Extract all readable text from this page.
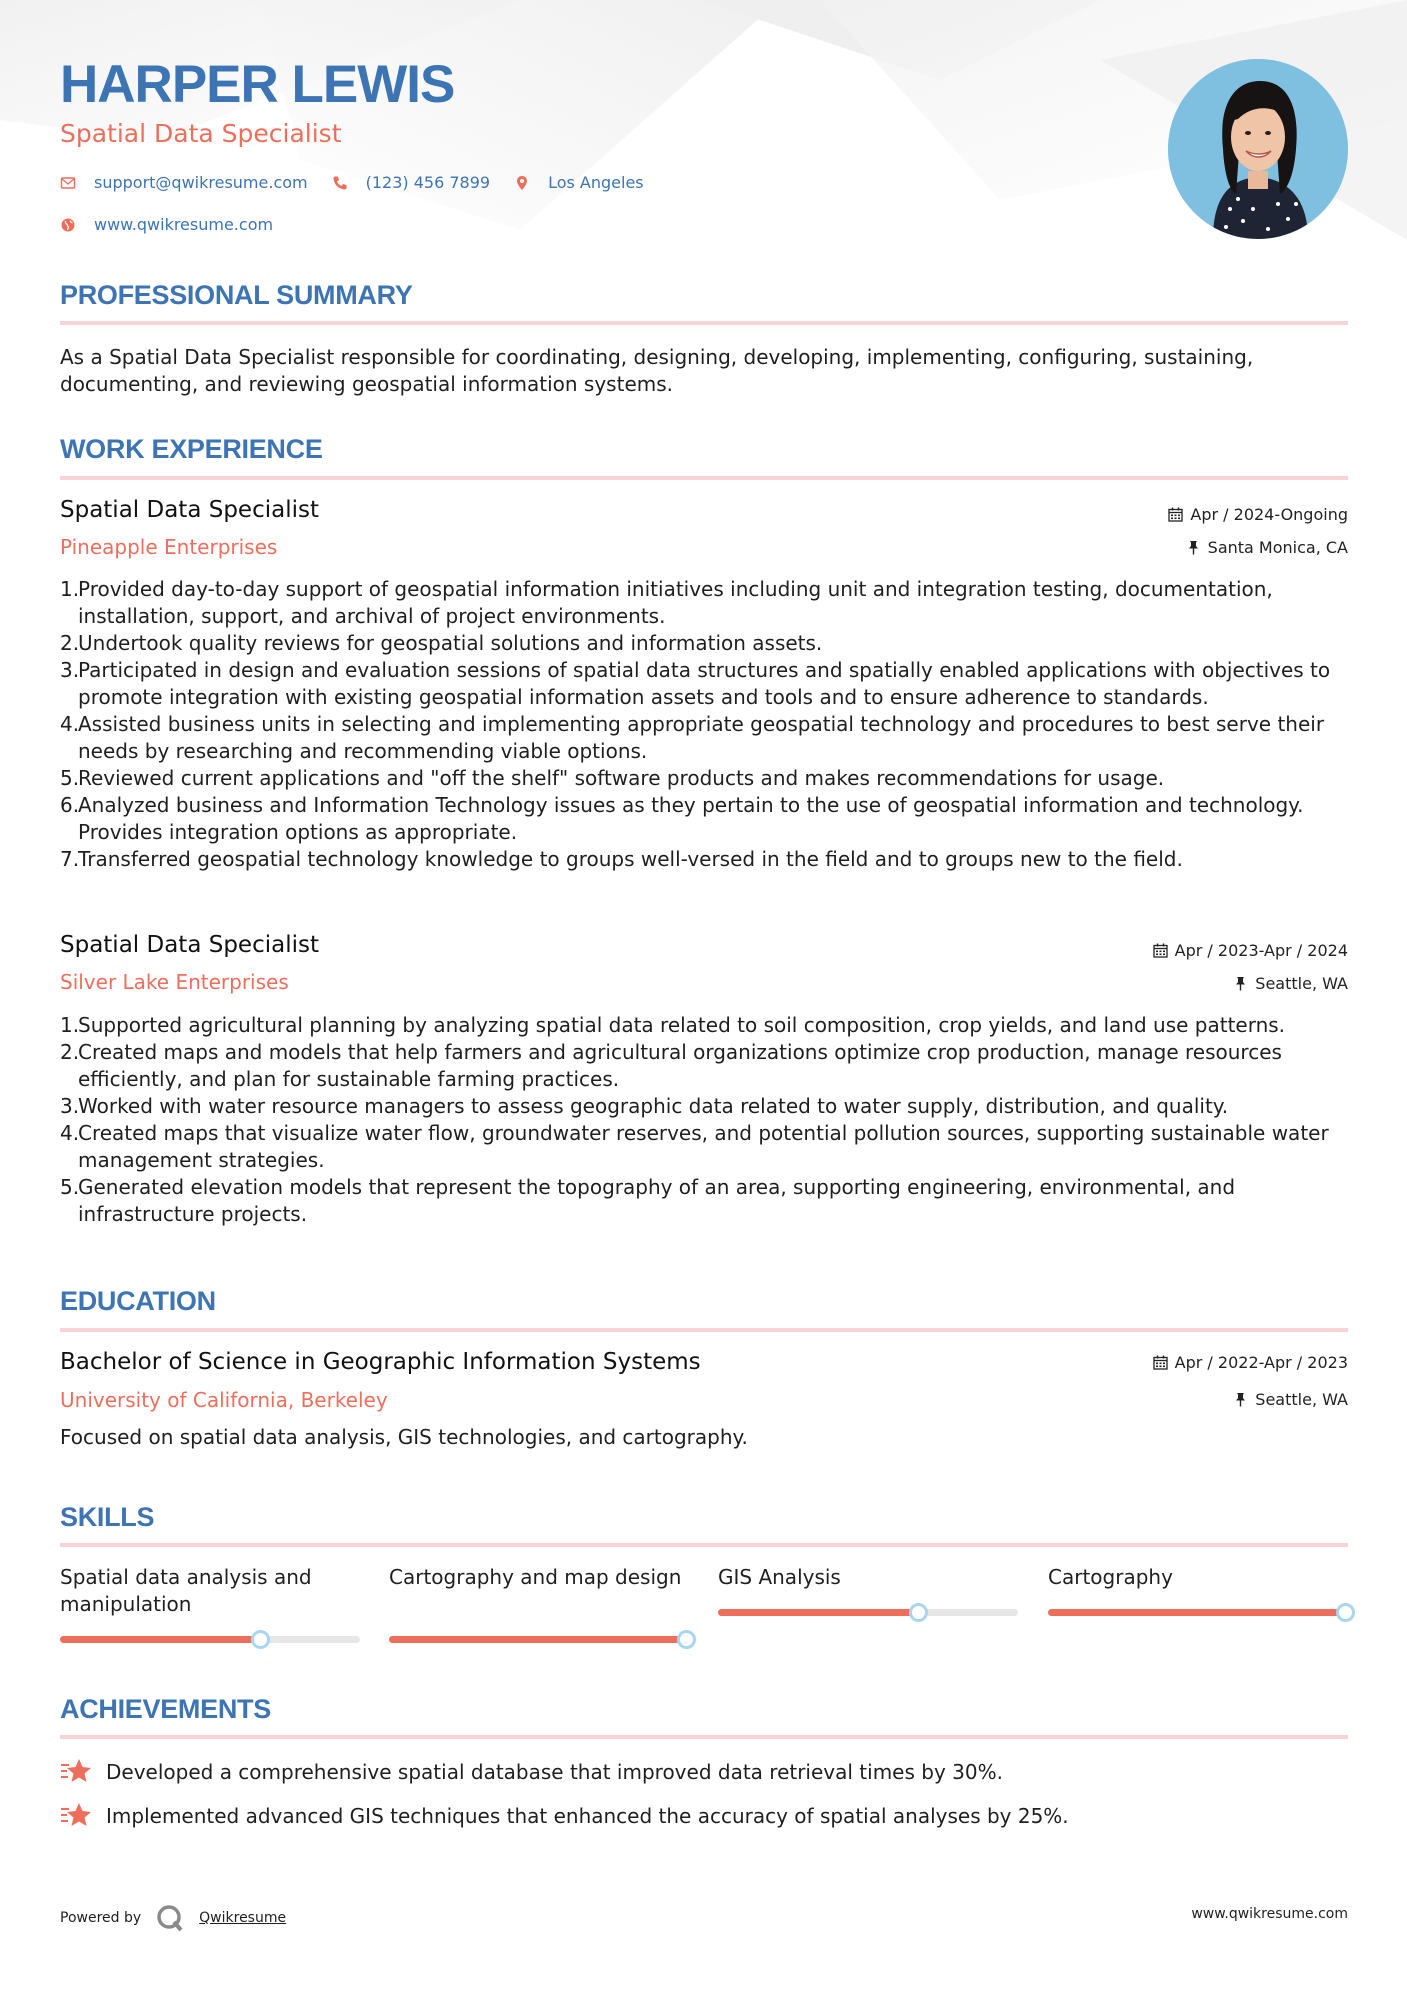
HARPER LEWIS
Spatial Data Specialist
support@qwikresume.com	(123) 456 7899	Los Angeles
www.qwikresume.com
PROFESSIONAL SUMMARY
As a Spatial Data Specialist responsible for coordinating, designing, developing, implementing, configuring, sustaining, documenting, and reviewing geospatial information systems.
WORK EXPERIENCE
Spatial Data Specialist
Pineapple Enterprises
Apr / 2024-Ongoing
Santa Monica, CA
1.
Provided day-to-day support of geospatial information initiatives including unit and integration testing, documentation, installation, support, and archival of project environments.
2.
Undertook quality reviews for geospatial solutions and information assets.
3.
Participated in design and evaluation sessions of spatial data structures and spatially enabled applications with objectives to promote integration with existing geospatial information assets and tools and to ensure adherence to standards.
4.
Assisted business units in selecting and implementing appropriate geospatial technology and procedures to best serve their needs by researching and recommending viable options.
5.
Reviewed current applications and "off the shelf" software products and makes recommendations for usage.
6.
Analyzed business and Information Technology issues as they pertain to the use of geospatial information and technology. Provides integration options as appropriate.
7.
Transferred geospatial technology knowledge to groups well-versed in the field and to groups new to the field.
Spatial Data Specialist
Silver Lake Enterprises
Apr / 2023-Apr / 2024
Seattle, WA
1.
Supported agricultural planning by analyzing spatial data related to soil composition, crop yields, and land use patterns.
2.
Created maps and models that help farmers and agricultural organizations optimize crop production, manage resources efficiently, and plan for sustainable farming practices.
3.
Worked with water resource managers to assess geographic data related to water supply, distribution, and quality.
4.
Created maps that visualize water flow, groundwater reserves, and potential pollution sources, supporting sustainable water management strategies.
5.
Generated elevation models that represent the topography of an area, supporting engineering, environmental, and infrastructure projects.
EDUCATION
Bachelor of Science in Geographic Information Systems
University of California, Berkeley
Apr / 2022-Apr / 2023
Seattle, WA
Focused on spatial data analysis, GIS technologies, and cartography.
SKILLS
Spatial data analysis and manipulation
Cartography and map design	GIS Analysis	Cartography
ACHIEVEMENTS
Developed a comprehensive spatial database that improved data retrieval times by 30%.
Implemented advanced GIS techniques that enhanced the accuracy of spatial analyses by 25%.
Powered by	Qwikresume	www.qwikresume.com
